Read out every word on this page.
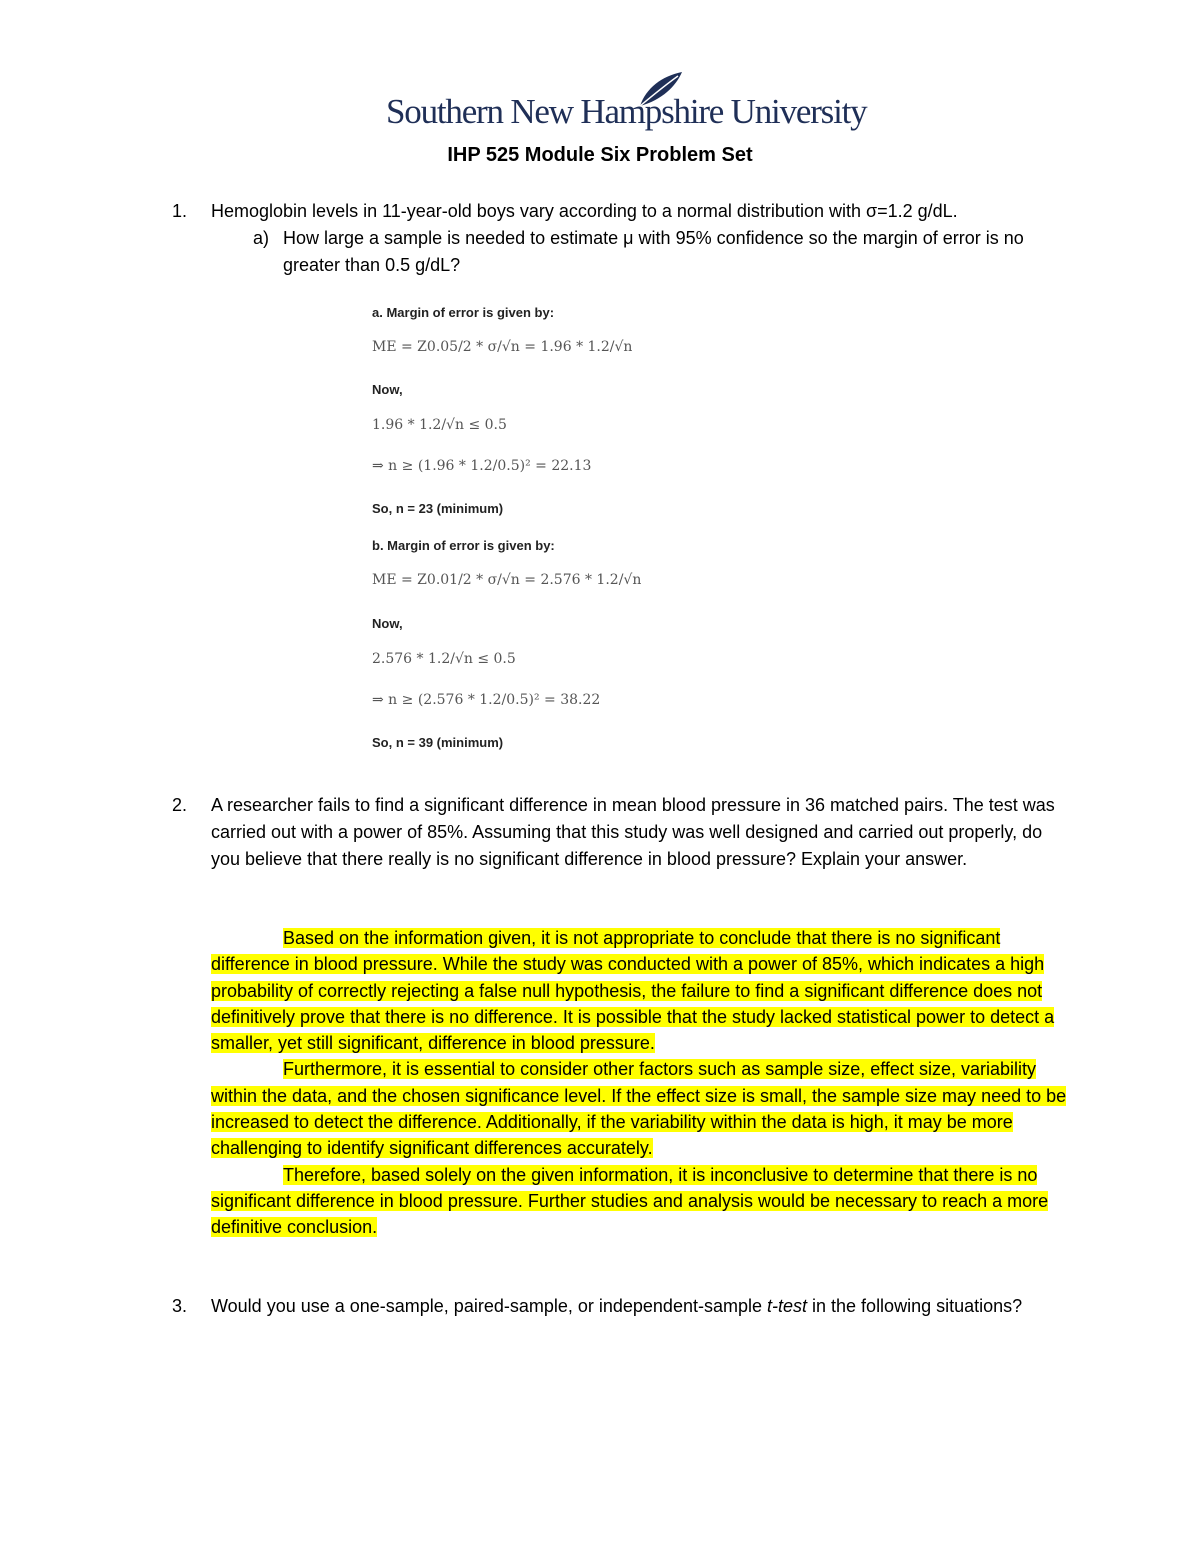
Southern New Hampshire University
IHP 525 Module Six Problem Set
1. Hemoglobin levels in 11-year-old boys vary according to a normal distribution with σ=1.2 g/dL.
a) How large a sample is needed to estimate μ with 95% confidence so the margin of error is no greater than 0.5 g/dL?
a. Margin of error is given by:
ME = Z0.05/2 * σ/√n = 1.96 * 1.2/√n
Now,
1.96 * 1.2/√n ≤ 0.5
⇒ n ≥ (1.96 * 1.2/0.5)² = 22.13
So, n = 23 (minimum)
b. Margin of error is given by:
ME = Z0.01/2 * σ/√n = 2.576 * 1.2/√n
Now,
2.576 * 1.2/√n ≤ 0.5
⇒ n ≥ (2.576 * 1.2/0.5)² = 38.22
So, n = 39 (minimum)
2. A researcher fails to find a significant difference in mean blood pressure in 36 matched pairs. The test was carried out with a power of 85%. Assuming that this study was well designed and carried out properly, do you believe that there really is no significant difference in blood pressure? Explain your answer.

Based on the information given, it is not appropriate to conclude that there is no significant difference in blood pressure. While the study was conducted with a power of 85%, which indicates a high probability of correctly rejecting a false null hypothesis, the failure to find a significant difference does not definitively prove that there is no difference. It is possible that the study lacked statistical power to detect a smaller, yet still significant, difference in blood pressure.

Furthermore, it is essential to consider other factors such as sample size, effect size, variability within the data, and the chosen significance level. If the effect size is small, the sample size may need to be increased to detect the difference. Additionally, if the variability within the data is high, it may be more challenging to identify significant differences accurately.

Therefore, based solely on the given information, it is inconclusive to determine that there is no significant difference in blood pressure. Further studies and analysis would be necessary to reach a more definitive conclusion.

3. Would you use a one-sample, paired-sample, or independent-sample t-test in the following situations?
